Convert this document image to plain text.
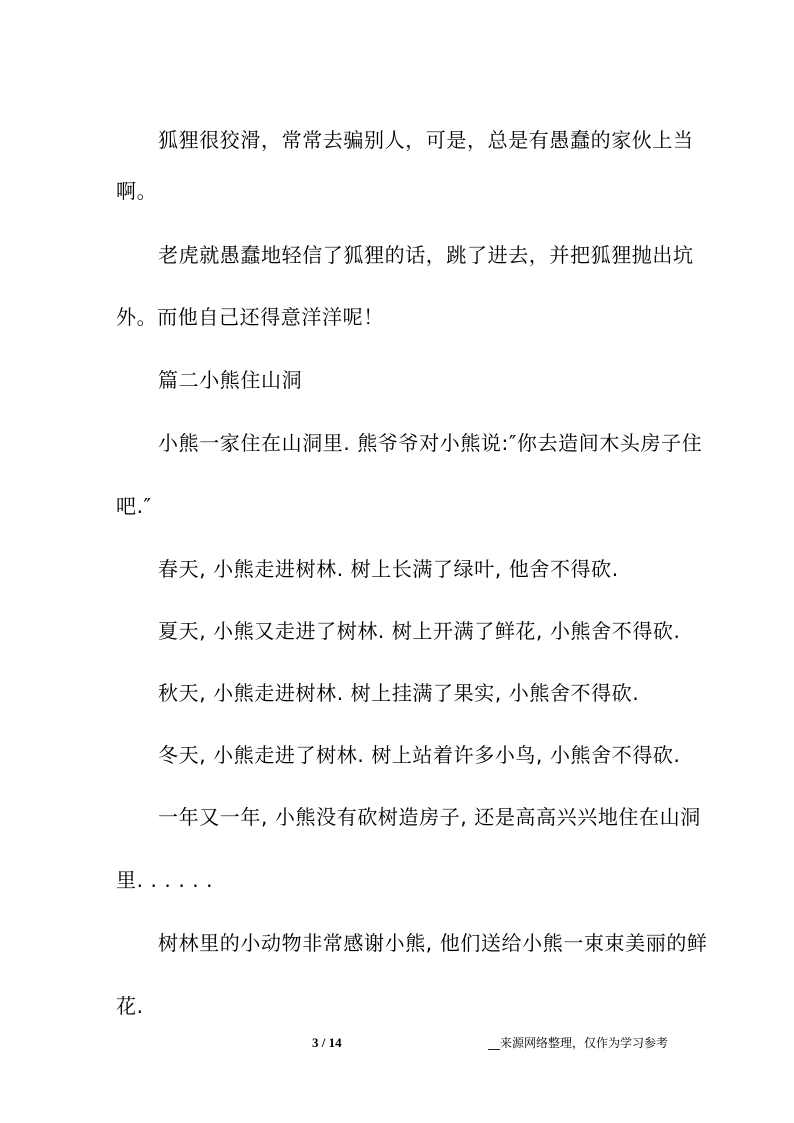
狐狸很狡滑，常常去骗别人，可是，总是有愚蠢的家伙上当
啊。
老虎就愚蠢地轻信了狐狸的话，跳了进去，并把狐狸抛出坑
外。而他自己还得意洋洋呢！
篇二小熊住山洞
小熊一家住在山洞里. 熊爷爷对小熊说:″你去造间木头房子住
吧.″
春天, 小熊走进树林. 树上长满了绿叶, 他舍不得砍.
夏天, 小熊又走进了树林. 树上开满了鲜花, 小熊舍不得砍.
秋天, 小熊走进树林. 树上挂满了果实, 小熊舍不得砍.
冬天, 小熊走进了树林. 树上站着许多小鸟, 小熊舍不得砍.
一年又一年, 小熊没有砍树造房子, 还是高高兴兴地住在山洞
里. . . . . .
树林里的小动物非常感谢小熊, 他们送给小熊一束束美丽的鲜
花.
3 / 14	__来源网络整理，仅作为学习参考
